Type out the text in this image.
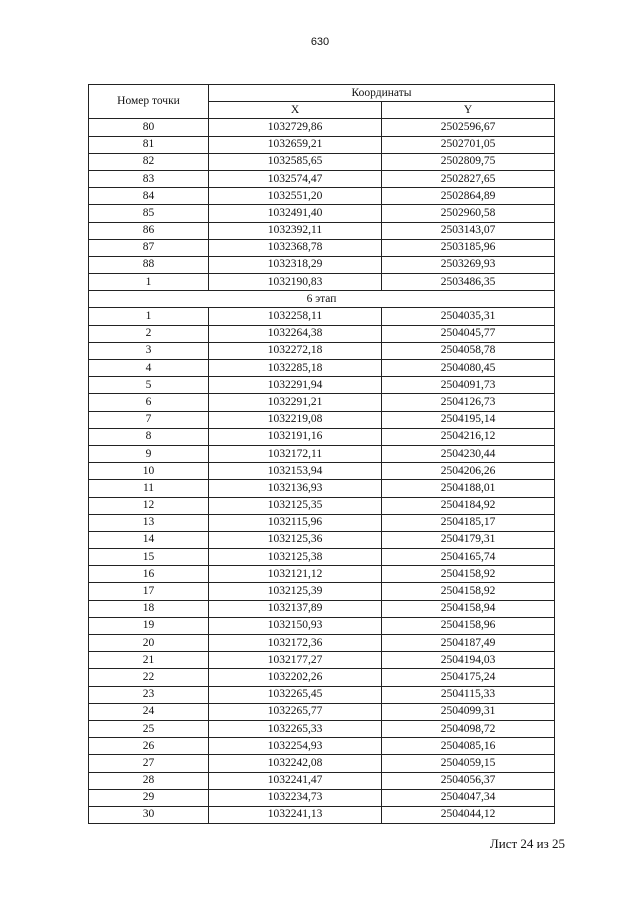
630
Номер точки	Координаты	
	X	Y
80	1032729,86	2502596,67
81	1032659,21	2502701,05
82	1032585,65	2502809,75
83	1032574,47	2502827,65
84	1032551,20	2502864,89
85	1032491,40	2502960,58
86	1032392,11	2503143,07
87	1032368,78	2503185,96
88	1032318,29	2503269,93
1	1032190,83	2503486,35
6 этап		
1	1032258,11	2504035,31
2	1032264,38	2504045,77
3	1032272,18	2504058,78
4	1032285,18	2504080,45
5	1032291,94	2504091,73
6	1032291,21	2504126,73
7	1032219,08	2504195,14
8	1032191,16	2504216,12
9	1032172,11	2504230,44
10	1032153,94	2504206,26
11	1032136,93	2504188,01
12	1032125,35	2504184,92
13	1032115,96	2504185,17
14	1032125,36	2504179,31
15	1032125,38	2504165,74
16	1032121,12	2504158,92
17	1032125,39	2504158,92
18	1032137,89	2504158,94
19	1032150,93	2504158,96
20	1032172,36	2504187,49
21	1032177,27	2504194,03
22	1032202,26	2504175,24
23	1032265,45	2504115,33
24	1032265,77	2504099,31
25	1032265,33	2504098,72
26	1032254,93	2504085,16
27	1032242,08	2504059,15
28	1032241,47	2504056,37
29	1032234,73	2504047,34
30	1032241,13	2504044,12
Лист 24 из 25
